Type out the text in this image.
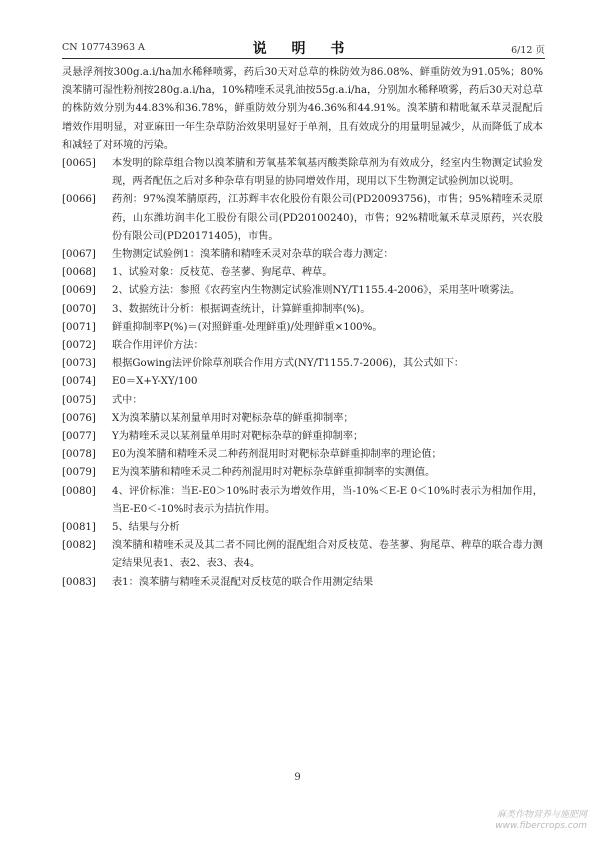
CN 107743963 A	说 明 书	6/12 页

灵悬浮剂按300g.a.i/ha加水稀释喷雾，药后30天对总草的株防效为86.08%、鲜重防效为91.05%；80%溴苯腈可湿性粉剂按280g.a.i/ha，10%精喹禾灵乳油按55g.a.i/ha，分别加水稀释喷雾，药后30天对总草的株防效分别为44.83%和36.78%，鲜重防效分别为46.36%和44.91%。溴苯腈和精吡氟禾草灵混配后增效作用明显，对亚麻田一年生杂草防治效果明显好于单剂，且有效成分的用量明显减少，从而降低了成本和减轻了对环境的污染。

[0065] 本发明的除草组合物以溴苯腈和芳氧基苯氧基丙酸类除草剂为有效成分，经室内生物测定试验发现，两者配伍之后对多种杂草有明显的协同增效作用，现用以下生物测定试验例加以说明。

[0066] 药剂：97%溴苯腈原药，江苏辉丰农化股份有限公司(PD20093756)，市售；95%精喹禾灵原药，山东潍坊润丰化工股份有限公司(PD20100240)，市售；92%精吡氟禾草灵原药，兴农股份有限公司(PD20171405)，市售。

[0067] 生物测定试验例1：溴苯腈和精喹禾灵对杂草的联合毒力测定：

[0068] 1、试验对象：反枝苋、卷茎蓼、狗尾草、稗草。

[0069] 2、试验方法：参照《农药室内生物测定试验准则NY/T1155.4-2006》，采用茎叶喷雾法。

[0070] 3、数据统计分析：根据调查统计，计算鲜重抑制率(%)。

[0071] 鲜重抑制率P(%)＝(对照鲜重-处理鲜重)/处理鲜重×100%。

[0072] 联合作用评价方法：

[0073] 根据Gowing法评价除草剂联合作用方式(NY/T1155.7-2006)，其公式如下：

[0074] E0＝X+Y-XY/100

[0075] 式中：

[0076] X为溴苯腈以某剂量单用时对靶标杂草的鲜重抑制率；

[0077] Y为精喹禾灵以某剂量单用时对靶标杂草的鲜重抑制率；

[0078] E0为溴苯腈和精喹禾灵二种药剂混用时对靶标杂草鲜重抑制率的理论值；

[0079] E为溴苯腈和精喹禾灵二种药剂混用时对靶标杂草鲜重抑制率的实测值。

[0080] 4、评价标准：当E-E0＞10%时表示为增效作用，当-10%＜E-E 0＜10%时表示为相加作用，当E-E0＜-10%时表示为拮抗作用。

[0081] 5、结果与分析

[0082] 溴苯腈和精喹禾灵及其二者不同比例的混配组合对反枝苋、卷茎蓼、狗尾草、稗草的联合毒力测定结果见表1、表2、表3、表4。

[0083] 表1：溴苯腈与精喹禾灵混配对反枝苋的联合作用测定结果

9
麻类作物营养与施肥网
www.fibercrops.com
